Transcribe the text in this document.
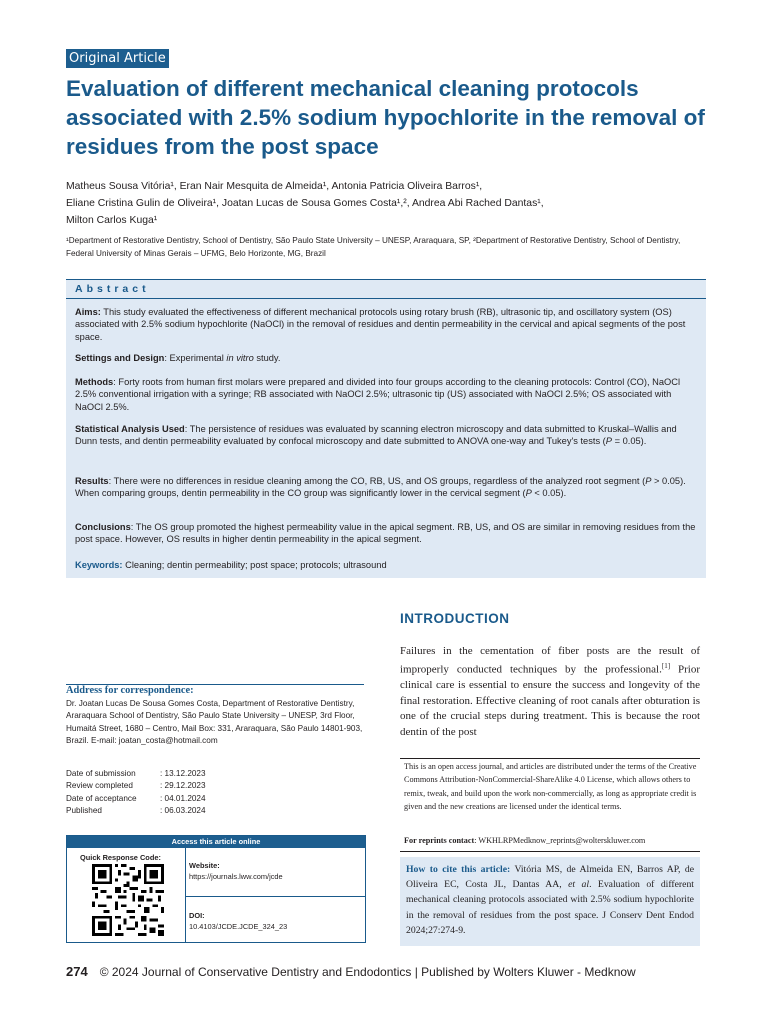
Original Article
Evaluation of different mechanical cleaning protocols associated with 2.5% sodium hypochlorite in the removal of residues from the post space
Matheus Sousa Vitória¹, Eran Nair Mesquita de Almeida¹, Antonia Patricia Oliveira Barros¹,
Eliane Cristina Gulin de Oliveira¹, Joatan Lucas de Sousa Gomes Costa¹,², Andrea Abi Rached Dantas¹,
Milton Carlos Kuga¹
¹Department of Restorative Dentistry, School of Dentistry, São Paulo State University – UNESP, Araraquara, SP, ²Department of Restorative Dentistry, School of Dentistry, Federal University of Minas Gerais – UFMG, Belo Horizonte, MG, Brazil
Abstract
Aims: This study evaluated the effectiveness of different mechanical protocols using rotary brush (RB), ultrasonic tip, and oscillatory system (OS) associated with 2.5% sodium hypochlorite (NaOCl) in the removal of residues and dentin permeability in the cervical and apical segments of the post space.
Settings and Design: Experimental in vitro study.
Methods: Forty roots from human first molars were prepared and divided into four groups according to the cleaning protocols: Control (CO), NaOCl 2.5% conventional irrigation with a syringe; RB associated with NaOCl 2.5%; ultrasonic tip (US) associated with NaOCl 2.5%; OS associated with NaOCl 2.5%.
Statistical Analysis Used: The persistence of residues was evaluated by scanning electron microscopy and data submitted to Kruskal–Wallis and Dunn tests, and dentin permeability evaluated by confocal microscopy and date submitted to ANOVA one-way and Tukey's tests (P = 0.05).
Results: There were no differences in residue cleaning among the CO, RB, US, and OS groups, regardless of the analyzed root segment (P > 0.05). When comparing groups, dentin permeability in the CO group was significantly lower in the cervical segment (P < 0.05).
Conclusions: The OS group promoted the highest permeability value in the apical segment. RB, US, and OS are similar in removing residues from the post space. However, OS results in higher dentin permeability in the apical segment.
Keywords: Cleaning; dentin permeability; post space; protocols; ultrasound
INTRODUCTION
Failures in the cementation of fiber posts are the result of improperly conducted techniques by the professional.[1] Prior clinical care is essential to ensure the success and longevity of the final restoration. Effective cleaning of root canals after obturation is one of the crucial steps during treatment. This is because the root dentin of the post
Address for correspondence:
Dr. Joatan Lucas De Sousa Gomes Costa, Department of Restorative Dentistry, Araraquara School of Dentistry, São Paulo State University – UNESP, 3rd Floor, Humaitá Street, 1680 – Centro, Mail Box: 331, Araraquara, São Paulo 14801-903, Brazil. E-mail: joatan_costa@hotmail.com
Date of submission	: 13.12.2023
Review completed	: 29.12.2023
Date of acceptance	: 04.01.2024
Published	: 06.03.2024
Access this article online
Quick Response Code:
Website:
https://journals.lww.com/jcde
DOI:
10.4103/JCDE.JCDE_324_23
This is an open access journal, and articles are distributed under the terms of the Creative Commons Attribution-NonCommercial-ShareAlike 4.0 License, which allows others to remix, tweak, and build upon the work non-commercially, as long as appropriate credit is given and the new creations are licensed under the identical terms.
For reprints contact: WKHLRPMedknow_reprints@wolterskluwer.com
How to cite this article: Vitória MS, de Almeida EN, Barros AP, de Oliveira EC, Costa JL, Dantas AA, et al. Evaluation of different mechanical cleaning protocols associated with 2.5% sodium hypochlorite in the removal of residues from the post space. J Conserv Dent Endod 2024;27:274-9.
274 © 2024 Journal of Conservative Dentistry and Endodontics | Published by Wolters Kluwer - Medknow
